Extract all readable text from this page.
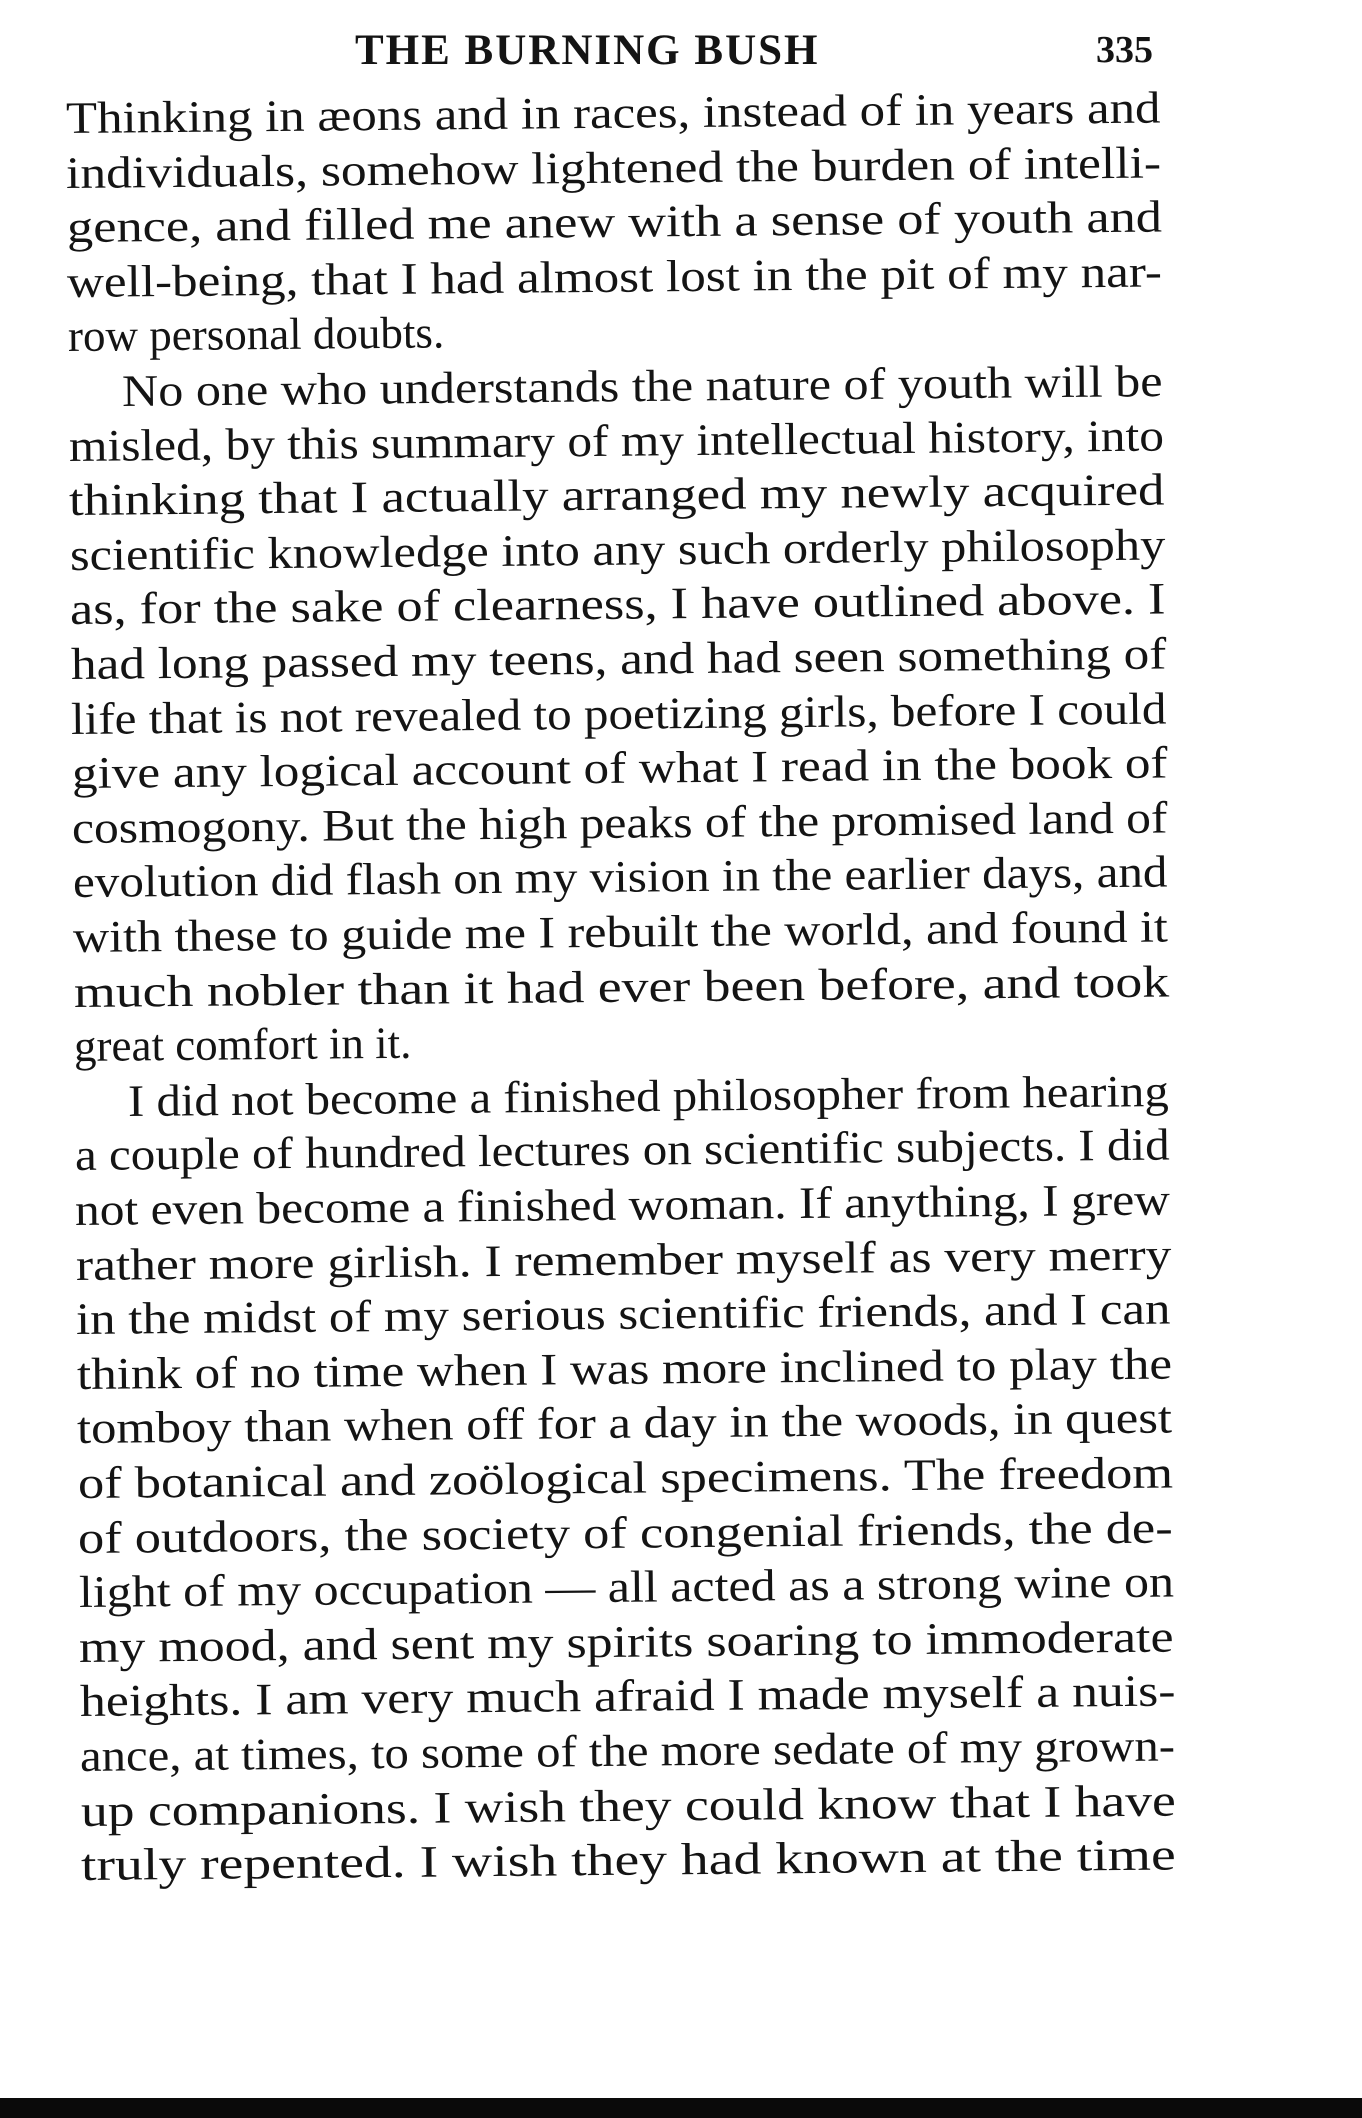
THE BURNING BUSH	335
Thinking in æons and in races, instead of in years and
individuals, somehow lightened the burden of intelli-
gence, and filled me anew with a sense of youth and
well-being, that I had almost lost in the pit of my nar-
row personal doubts.
No one who understands the nature of youth will be
misled, by this summary of my intellectual history, into
thinking that I actually arranged my newly acquired
scientific knowledge into any such orderly philosophy
as, for the sake of clearness, I have outlined above. I
had long passed my teens, and had seen something of
life that is not revealed to poetizing girls, before I could
give any logical account of what I read in the book of
cosmogony. But the high peaks of the promised land of
evolution did flash on my vision in the earlier days, and
with these to guide me I rebuilt the world, and found it
much nobler than it had ever been before, and took
great comfort in it.
I did not become a finished philosopher from hearing
a couple of hundred lectures on scientific subjects. I did
not even become a finished woman. If anything, I grew
rather more girlish. I remember myself as very merry
in the midst of my serious scientific friends, and I can
think of no time when I was more inclined to play the
tomboy than when off for a day in the woods, in quest
of botanical and zoölogical specimens. The freedom
of outdoors, the society of congenial friends, the de-
light of my occupation — all acted as a strong wine on
my mood, and sent my spirits soaring to immoderate
heights. I am very much afraid I made myself a nuis-
ance, at times, to some of the more sedate of my grown-
up companions. I wish they could know that I have
truly repented. I wish they had known at the time
